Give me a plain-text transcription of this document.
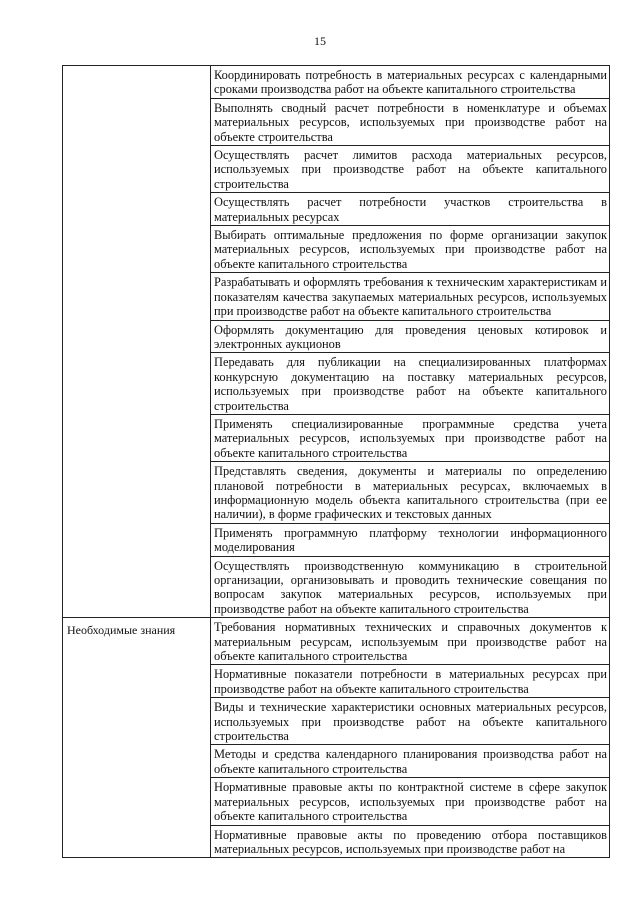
15

	Координировать потребность в материальных ресурсах с календарными сроками производства работ на объекте капитального строительства

	Выполнять сводный расчет потребности в номенклатуре и объемах материальных ресурсов, используемых при производстве работ на объекте строительства

	Осуществлять расчет лимитов расхода материальных ресурсов, используемых при производстве работ на объекте капитального строительства

	Осуществлять расчет потребности участков строительства в материальных ресурсах

	Выбирать оптимальные предложения по форме организации закупок материальных ресурсов, используемых при производстве работ на объекте капитального строительства

	Разрабатывать и оформлять требования к техническим характеристикам и показателям качества закупаемых материальных ресурсов, используемых при производстве работ на объекте капитального строительства

	Оформлять документацию для проведения ценовых котировок и электронных аукционов

	Передавать для публикации на специализированных платформах конкурсную документацию на поставку материальных ресурсов, используемых при производстве работ на объекте капитального строительства

	Применять специализированные программные средства учета материальных ресурсов, используемых при производстве работ на объекте капитального строительства

	Представлять сведения, документы и материалы по определению плановой потребности в материальных ресурсах, включаемых в информационную модель объекта капитального строительства (при ее наличии), в форме графических и текстовых данных

	Применять программную платформу технологии информационного моделирования

	Осуществлять производственную коммуникацию в строительной организации, организовывать и проводить технические совещания по вопросам закупок материальных ресурсов, используемых при производстве работ на объекте капитального строительства

Необходимые знания	Требования нормативных технических и справочных документов к материальным ресурсам, используемым при производстве работ на объекте капитального строительства

	Нормативные показатели потребности в материальных ресурсах при производстве работ на объекте капитального строительства

	Виды и технические характеристики основных материальных ресурсов, используемых при производстве работ на объекте капитального строительства

	Методы и средства календарного планирования производства работ на объекте капитального строительства

	Нормативные правовые акты по контрактной системе в сфере закупок материальных ресурсов, используемых при производстве работ на объекте капитального строительства

	Нормативные правовые акты по проведению отбора поставщиков материальных ресурсов, используемых при производстве работ на
